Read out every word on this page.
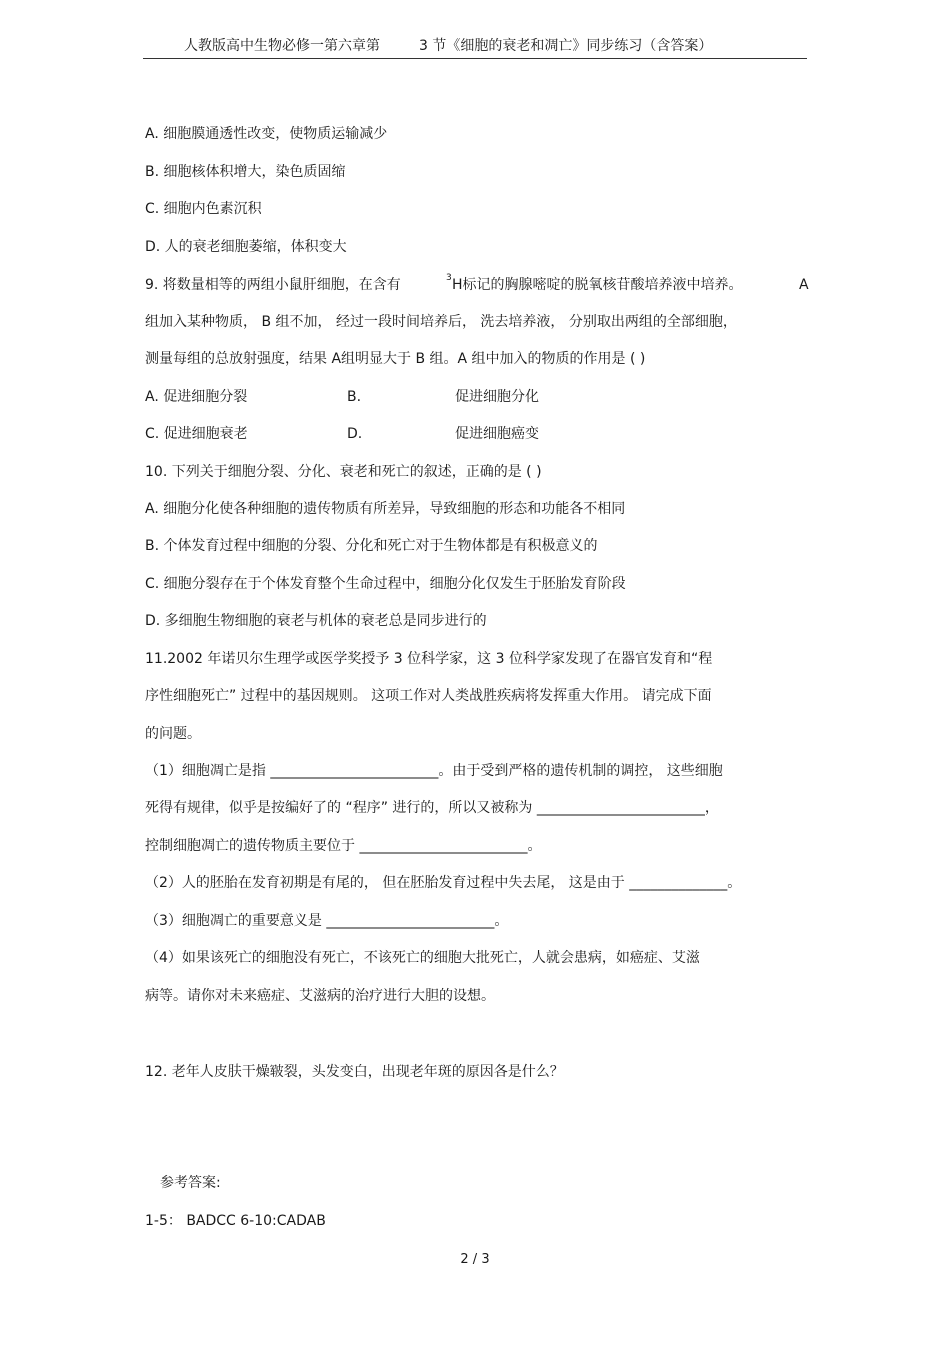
人教版高中生物必修一第六章第	3 节《细胞的衰老和凋亡》同步练习（含答案）
A. 细胞膜通透性改变，使物质运输减少
B. 细胞核体积增大，染色质固缩
C. 细胞内色素沉积
D. 人的衰老细胞萎缩，体积变大
9. 将数量相等的两组小鼠肝细胞，在含有	3 H标记的胸腺嘧啶的脱氧核苷酸培养液中培养。	A
组加入某种物质， B 组不加， 经过一段时间培养后， 洗去培养液， 分别取出两组的全部细胞，
测量每组的总放射强度，结果 A组明显大于 B 组。A 组中加入的物质的作用是 ( )
A. 促进细胞分裂	B.	促进细胞分化
C. 促进细胞衰老	D.	促进细胞癌变
10. 下列关于细胞分裂、分化、衰老和死亡的叙述，正确的是 ( )
A. 细胞分化使各种细胞的遗传物质有所差异，导致细胞的形态和功能各不相同
B. 个体发育过程中细胞的分裂、分化和死亡对于生物体都是有积极意义的
C. 细胞分裂存在于个体发育整个生命过程中，细胞分化仅发生于胚胎发育阶段
D. 多细胞生物细胞的衰老与机体的衰老总是同步进行的
11.2002 年诺贝尔生理学或医学奖授予 3 位科学家，这 3 位科学家发现了在器官发育和“程
序性细胞死亡” 过程中的基因规则。 这项工作对人类战胜疾病将发挥重大作用。 请完成下面
的问题。
（1）细胞凋亡是指 ________________________。由于受到严格的遗传机制的调控， 这些细胞
死得有规律，似乎是按编好了的 “程序” 进行的，所以又被称为 ________________________，
控制细胞凋亡的遗传物质主要位于 ________________________。
（2）人的胚胎在发育初期是有尾的， 但在胚胎发育过程中失去尾， 这是由于 ______________。
（3）细胞凋亡的重要意义是 ________________________。
（4）如果该死亡的细胞没有死亡，不该死亡的细胞大批死亡，人就会患病，如癌症、艾滋
病等。请你对未来癌症、艾滋病的治疗进行大胆的设想。
12. 老年人皮肤干燥皲裂，头发变白，出现老年斑的原因各是什么？
参考答案:
1-5： BADCC 6-10:CADAB
2 / 3
